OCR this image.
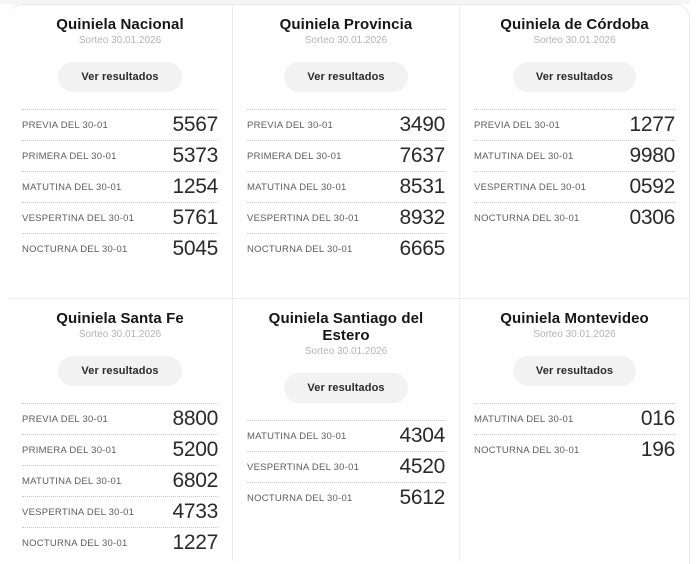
Quiniela Nacional
Sorteo 30.01.2026
Ver resultados
PREVIA DEL 30-01	5567
PRIMERA DEL 30-01	5373
MATUTINA DEL 30-01 1254
VESPERTINA DEL 30-01 5761
NOCTURNA DEL 30-01 5045
Quiniela Provincia
Sorteo 30.01.2026
Ver resultados
PREVIA DEL 30-01	3490
PRIMERA DEL 30-01	7637
MATUTINA DEL 30-01	8531
VESPERTINA DEL 30-01 8932
NOCTURNA DEL 30-01 6665
Quiniela de Córdoba
Sorteo 30.01.2026
Ver resultados
PREVIA DEL 30-01	1277
MATUTINA DEL 30-01	9980
VESPERTINA DEL 30-01 0592
NOCTURNA DEL 30-01 0306
Quiniela Santa Fe
Sorteo 30.01.2026
Ver resultados
PREVIA DEL 30-01	8800
PRIMERA DEL 30-01	5200
MATUTINA DEL 30-01 6802
VESPERTINA DEL 30-01 4733
NOCTURNA DEL 30-01 1227
Quiniela Santiago del Estero
Sorteo 30.01.2026
Ver resultados
MATUTINA DEL 30-01	4304
VESPERTINA DEL 30-01 4520
NOCTURNA DEL 30-01 5612
Quiniela Montevideo
Sorteo 30.01.2026
Ver resultados
MATUTINA DEL 30-01	016
NOCTURNA DEL 30-01	196
